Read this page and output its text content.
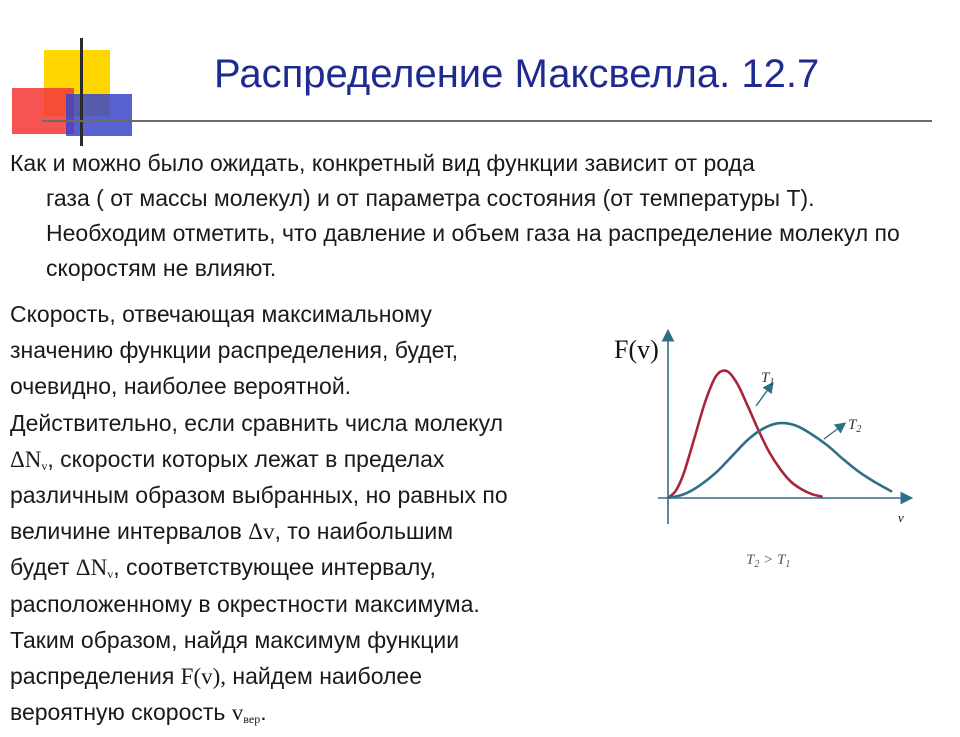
Распределение Максвелла. 12.7

Как и можно было ожидать, конкретный вид функции зависит от рода
газа ( от массы молекул) и от параметра состояния (от температуры Т). Необходим отметить, что давление и объем газа на распределение молекул по скоростям не влияют.

Скорость, отвечающая максимальному
значению функции распределения, будет,
очевидно, наиболее вероятной.
Действительно, если сравнить числа молекул
$\Delta N_v$, скорости которых лежат в пределах
различным образом выбранных, но равных по
величине интервалов Δv, то наибольшим
будет $\Delta N_v$, соответствующее интервалу,
расположенному в окрестности максимума.
Таким образом, найдя максимум функции
распределения F(v), найдем наиболее
вероятную скорость $v_{вер}$.
F(v)
v
$T_1$
$T_2$
$T_2 > T_1$
